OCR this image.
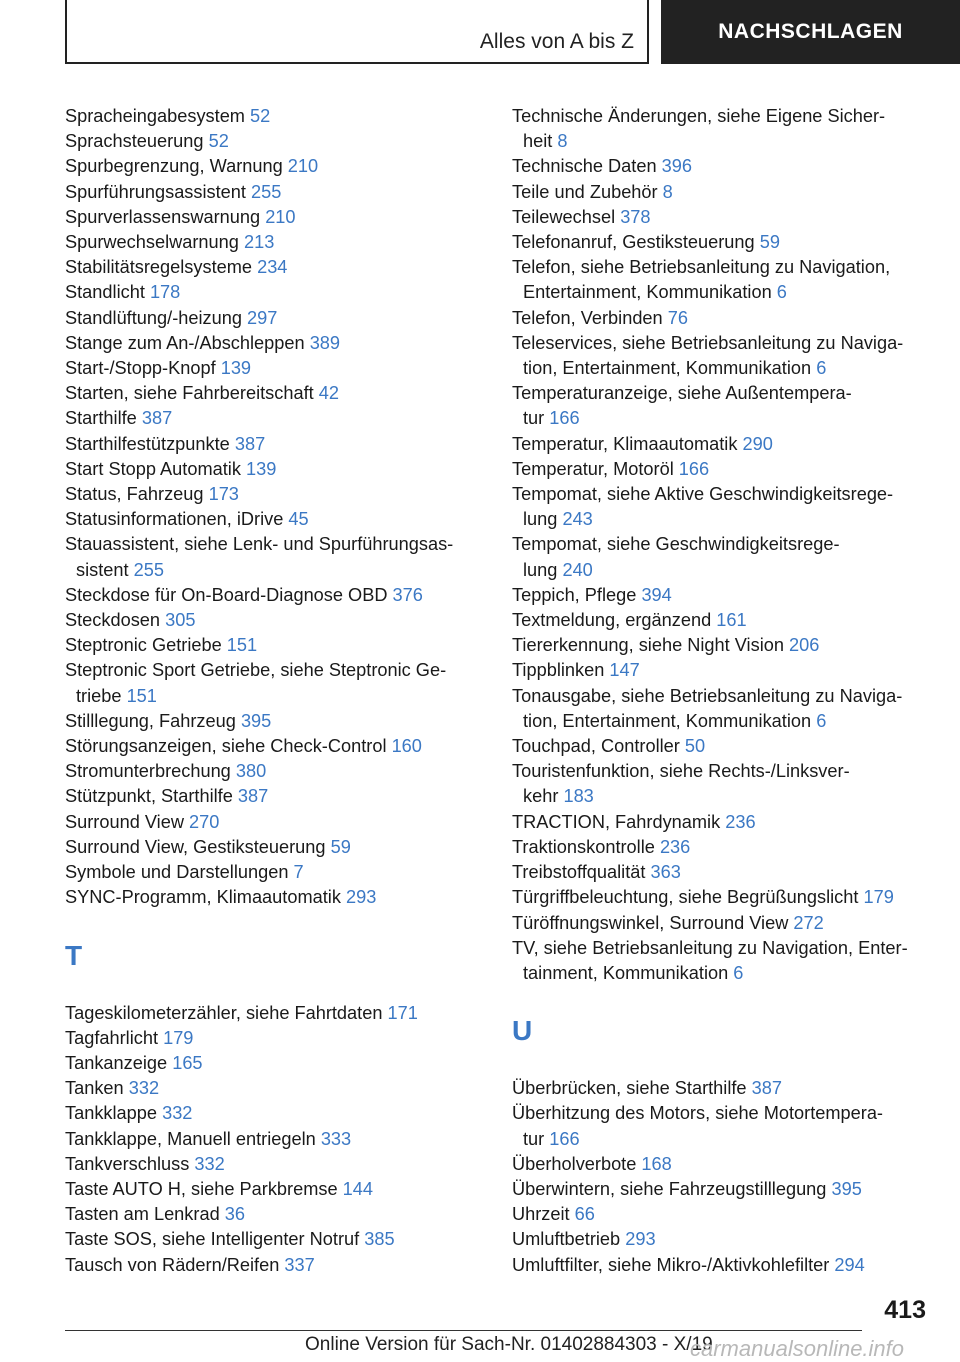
Alles von A bis Z	NACHSCHLAGEN
Spracheingabesystem 52
Sprachsteuerung 52
Spurbegrenzung, Warnung 210
Spurführungsassistent 255
Spurverlassenswarnung 210
Spurwechselwarnung 213
Stabilitätsregelsysteme 234
Standlicht 178
Standlüftung/-heizung 297
Stange zum An-/Abschleppen 389
Start-/Stopp-Knopf 139
Starten, siehe Fahrbereitschaft 42
Starthilfe 387
Starthilfestützpunkte 387
Start Stopp Automatik 139
Status, Fahrzeug 173
Statusinformationen, iDrive 45
Stauassistent, siehe Lenk- und Spurführungsas-
sistent 255
Steckdose für On-Board-Diagnose OBD 376
Steckdosen 305
Steptronic Getriebe 151
Steptronic Sport Getriebe, siehe Steptronic Ge-
triebe 151
Stilllegung, Fahrzeug 395
Störungsanzeigen, siehe Check-Control 160
Stromunterbrechung 380
Stützpunkt, Starthilfe 387
Surround View 270
Surround View, Gestiksteuerung 59
Symbole und Darstellungen 7
SYNC-Programm, Klimaautomatik 293
T
Tageskilometerzähler, siehe Fahrtdaten 171
Tagfahrlicht 179
Tankanzeige 165
Tanken 332
Tankklappe 332
Tankklappe, Manuell entriegeln 333
Tankverschluss 332
Taste AUTO H, siehe Parkbremse 144
Tasten am Lenkrad 36
Taste SOS, siehe Intelligenter Notruf 385
Tausch von Rädern/Reifen 337
Technische Änderungen, siehe Eigene Sicher-
heit 8
Technische Daten 396
Teile und Zubehör 8
Teilewechsel 378
Telefonanruf, Gestiksteuerung 59
Telefon, siehe Betriebsanleitung zu Navigation,
Entertainment, Kommunikation 6
Telefon, Verbinden 76
Teleservices, siehe Betriebsanleitung zu Naviga-
tion, Entertainment, Kommunikation 6
Temperaturanzeige, siehe Außentempera-
tur 166
Temperatur, Klimaautomatik 290
Temperatur, Motoröl 166
Tempomat, siehe Aktive Geschwindigkeitsrege-
lung 243
Tempomat, siehe Geschwindigkeitsrege-
lung 240
Teppich, Pflege 394
Textmeldung, ergänzend 161
Tiererkennung, siehe Night Vision 206
Tippblinken 147
Tonausgabe, siehe Betriebsanleitung zu Naviga-
tion, Entertainment, Kommunikation 6
Touchpad, Controller 50
Touristenfunktion, siehe Rechts-/Linksver-
kehr 183
TRACTION, Fahrdynamik 236
Traktionskontrolle 236
Treibstoffqualität 363
Türgriffbeleuchtung, siehe Begrüßungslicht 179
Türöffnungswinkel, Surround View 272
TV, siehe Betriebsanleitung zu Navigation, Enter-
tainment, Kommunikation 6
U
Überbrücken, siehe Starthilfe 387
Überhitzung des Motors, siehe Motortempera-
tur 166
Überholverbote 168
Überwintern, siehe Fahrzeugstilllegung 395
Uhrzeit 66
Umluftbetrieb 293
Umluftfilter, siehe Mikro-/Aktivkohlefilter 294
413
Online Version für Sach-Nr. 01402884303 - X/19
carmanualsonline.info
